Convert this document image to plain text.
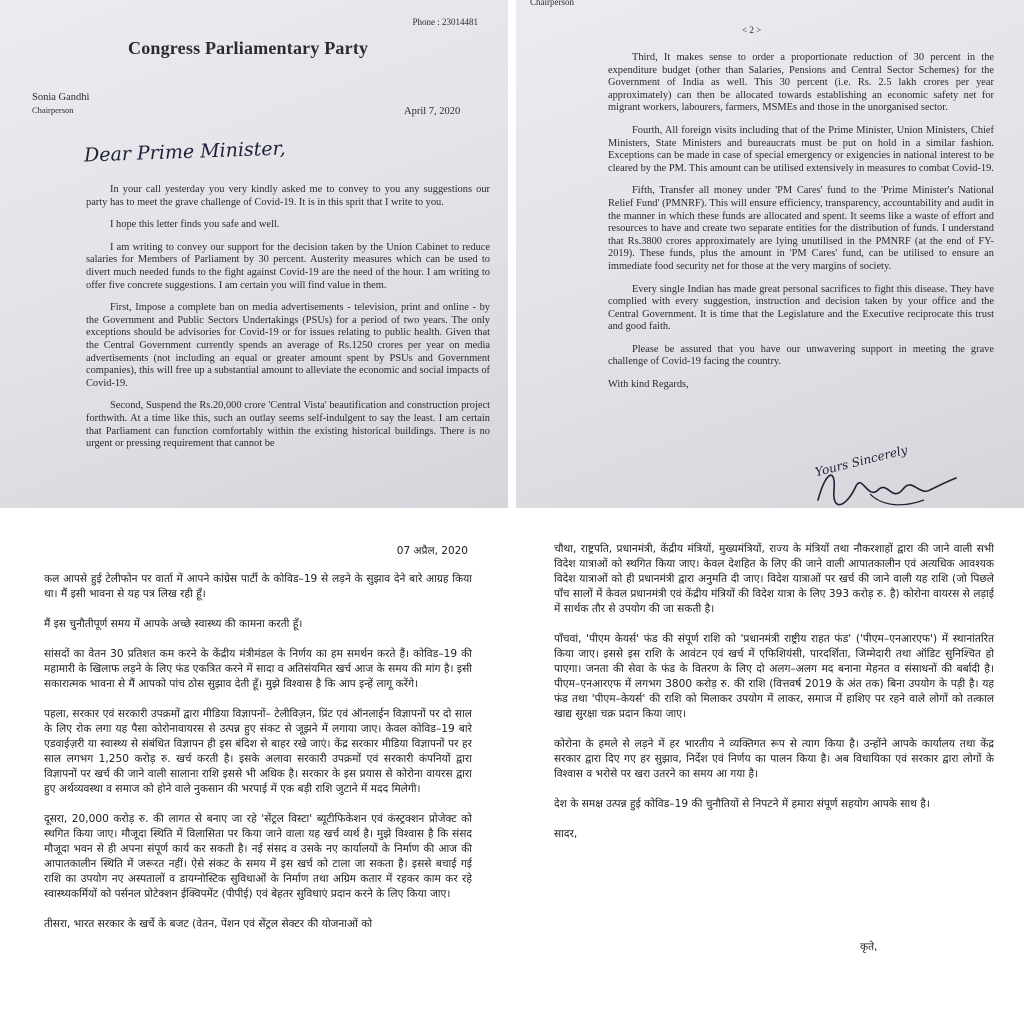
Phone : 23014481
Congress Parliamentary Party
Sonia Gandhi
Chairperson	April 7, 2020
Dear Prime Minister,

In your call yesterday you very kindly asked me to convey to you any suggestions our party has to meet the grave challenge of Covid-19. It is in this sprit that I write to you.

I hope this letter finds you safe and well.

I am writing to convey our support for the decision taken by the Union Cabinet to reduce salaries for Members of Parliament by 30 percent. Austerity measures which can be used to divert much needed funds to the fight against Covid-19 are the need of the hour. I am writing to offer five concrete suggestions. I am certain you will find value in them.

First, Impose a complete ban on media advertisements - television, print and online - by the Government and Public Sectors Undertakings (PSUs) for a period of two years. The only exceptions should be advisories for Covid-19 or for issues relating to public health. Given that the Central Government currently spends an average of Rs.1250 crores per year on media advertisements (not including an equal or greater amount spent by PSUs and Government companies), this will free up a substantial amount to alleviate the economic and social impacts of Covid-19.

Second, Suspend the Rs.20,000 crore 'Central Vista' beautification and construction project forthwith. At a time like this, such an outlay seems self-indulgent to say the least. I am certain that Parliament can function comfortably within the existing historical buildings. There is no urgent or pressing requirement that cannot be

Chairperson
< 2 >

Third, It makes sense to order a proportionate reduction of 30 percent in the expenditure budget (other than Salaries, Pensions and Central Sector Schemes) for the Government of India as well. This 30 percent (i.e. Rs. 2.5 lakh crores per year approximately) can then be allocated towards establishing an economic safety net for migrant workers, labourers, farmers, MSMEs and those in the unorganised sector.

Fourth, All foreign visits including that of the Prime Minister, Union Ministers, Chief Ministers, State Ministers and bureaucrats must be put on hold in a similar fashion. Exceptions can be made in case of special emergency or exigencies in national interest to be cleared by the PM. This amount can be utilised extensively in measures to combat Covid-19.

Fifth, Transfer all money under 'PM Cares' fund to the 'Prime Minister's National Relief Fund' (PMNRF). This will ensure efficiency, transparency, accountability and audit in the manner in which these funds are allocated and spent. It seems like a waste of effort and resources to have and create two separate entities for the distribution of funds. I understand that Rs.3800 crores approximately are lying unutilised in the PMNRF (at the end of FY-2019). These funds, plus the amount in 'PM Cares' fund, can be utilised to ensure an immediate food security net for those at the very margins of society.

Every single Indian has made great personal sacrifices to fight this disease. They have complied with every suggestion, instruction and decision taken by your office and the Central Government. It is time that the Legislature and the Executive reciprocate this trust and good faith.

Please be assured that you have our unwavering support in meeting the grave challenge of Covid-19 facing the country.

With kind Regards,

Yours Sincerely
07 अप्रैल, 2020

कल आपसे हुई टेलीफोन पर वार्ता में आपने कांग्रेस पार्टी के कोविड–19 से लड़ने के सुझाव देने बारे आग्रह किया था। मैं इसी भावना से यह पत्र लिख रही हूँ।

मैं इस चुनौतीपूर्ण समय में आपके अच्छे स्वास्थ्य की कामना करती हूँ।

सांसदों का वेतन 30 प्रतिशत कम करने के केंद्रीय मंत्रीमंडल के निर्णय का हम समर्थन करते हैं। कोविड–19 की महामारी के खिलाफ लड़ने के लिए फंड एकत्रित करने में सादा व अतिसंयमित खर्च आज के समय की मांग है। इसी सकारात्मक भावना से मैं आपको पांच ठोस सुझाव देती हूँ। मुझे विश्वास है कि आप इन्हें लागू करेंगे।

पहला, सरकार एवं सरकारी उपक्रमों द्वारा मीडिया विज्ञापनों– टेलीविज़न, प्रिंट एवं ऑनलाईन विज्ञापनों पर दो साल के लिए रोक लगा यह पैसा कोरोनावायरस से उत्पन्न हुए संकट से जूझने में लगाया जाए। केवल कोविड–19 बारे एडवाईज़री या स्वास्थ्य से संबंधित विज्ञापन ही इस बंदिश से बाहर रखे जाएं। केंद्र सरकार मीडिया विज्ञापनों पर हर साल लगभग 1,250 करोड़ रु. खर्च करती है। इसके अलावा सरकारी उपक्रमों एवं सरकारी कंपनियों द्वारा विज्ञापनों पर खर्च की जाने वाली सालाना राशि इससे भी अधिक है। सरकार के इस प्रयास से कोरोना वायरस द्वारा हुए अर्थव्यवस्था व समाज को होने वाले नुकसान की भरपाई में एक बड़ी राशि जुटाने में मदद मिलेगी।

दूसरा, 20,000 करोड़ रु. की लागत से बनाए जा रहे 'सेंट्रल विस्टा' ब्यूटीफिकेशन एवं कंस्ट्रक्शन प्रोजेक्ट को स्थगित किया जाए। मौजूदा स्थिति में विलासिता पर किया जाने वाला यह खर्च व्यर्थ है। मुझे विश्वास है कि संसद मौजूदा भवन से ही अपना संपूर्ण कार्य कर सकती है। नई संसद व उसके नए कार्यालयों के निर्माण की आज की आपातकालीन स्थिति में जरूरत नहीं। ऐसे संकट के समय में इस खर्च को टाला जा सकता है। इससे बचाई गई राशि का उपयोग नए अस्पतालों व डायग्नोस्टिक सुविधाओं के निर्माण तथा अग्रिम कतार में रहकर काम कर रहे स्वास्थ्यकर्मियों को पर्सनल प्रोटेक्शन ईक्विपमेंट (पीपीई) एवं बेहतर सुविधाएं प्रदान करने के लिए किया जाए।

तीसरा, भारत सरकार के खर्चे के बजट (वेतन, पेंशन एवं सेंट्रल सेक्टर की योजनाओं को

चौथा, राष्ट्रपति, प्रधानमंत्री, केंद्रीय मंत्रियों, मुख्यमंत्रियों, राज्य के मंत्रियों तथा नौकरशाहों द्वारा की जाने वाली सभी विदेश यात्राओं को स्थगित किया जाए। केवल देशहित के लिए की जाने वाली आपातकालीन एवं अत्यधिक आवश्यक विदेश यात्राओं को ही प्रधानमंत्री द्वारा अनुमति दी जाए। विदेश यात्राओं पर खर्च की जाने वाली यह राशि (जो पिछले पाँच सालों में केवल प्रधानमंत्री एवं केंद्रीय मंत्रियों की विदेश यात्रा के लिए 393 करोड़ रु. है) कोरोना वायरस से लड़ाई में सार्थक तौर से उपयोग की जा सकती है।

पाँचवां, 'पीएम केयर्स' फंड की संपूर्ण राशि को 'प्रधानमंत्री राष्ट्रीय राहत फंड' ('पीएम–एनआरएफ') में स्थानांतरित किया जाए। इससे इस राशि के आवंटन एवं खर्च में एफिशियंसी, पारदर्शिता, जिम्मेदारी तथा ऑडिट सुनिश्चित हो पाएगा। जनता की सेवा के फंड के वितरण के लिए दो अलग–अलग मद बनाना मेहनत व संसाधनों की बर्बादी है। पीएम–एनआरएफ में लगभग 3800 करोड़ रु. की राशि (वित्तवर्ष 2019 के अंत तक) बिना उपयोग के पड़ी है। यह फंड तथा 'पीएम–केयर्स' की राशि को मिलाकर उपयोग में लाकर, समाज में हाशिए पर रहने वाले लोगों को तत्काल खाद्य सुरक्षा चक्र प्रदान किया जाए।

कोरोना के हमले से लड़ने में हर भारतीय ने व्यक्तिगत रूप से त्याग किया है। उन्होंने आपके कार्यालय तथा केंद्र सरकार द्वारा दिए गए हर सुझाव, निर्देश एवं निर्णय का पालन किया है। अब विधायिका एवं सरकार द्वारा लोगों के विश्वास व भरोसे पर खरा उतरने का समय आ गया है।

देश के समक्ष उत्पन्न हुई कोविड–19 की चुनौतियों से निपटने में हमारा संपूर्ण सहयोग आपके साथ है।

सादर,

कृते,
